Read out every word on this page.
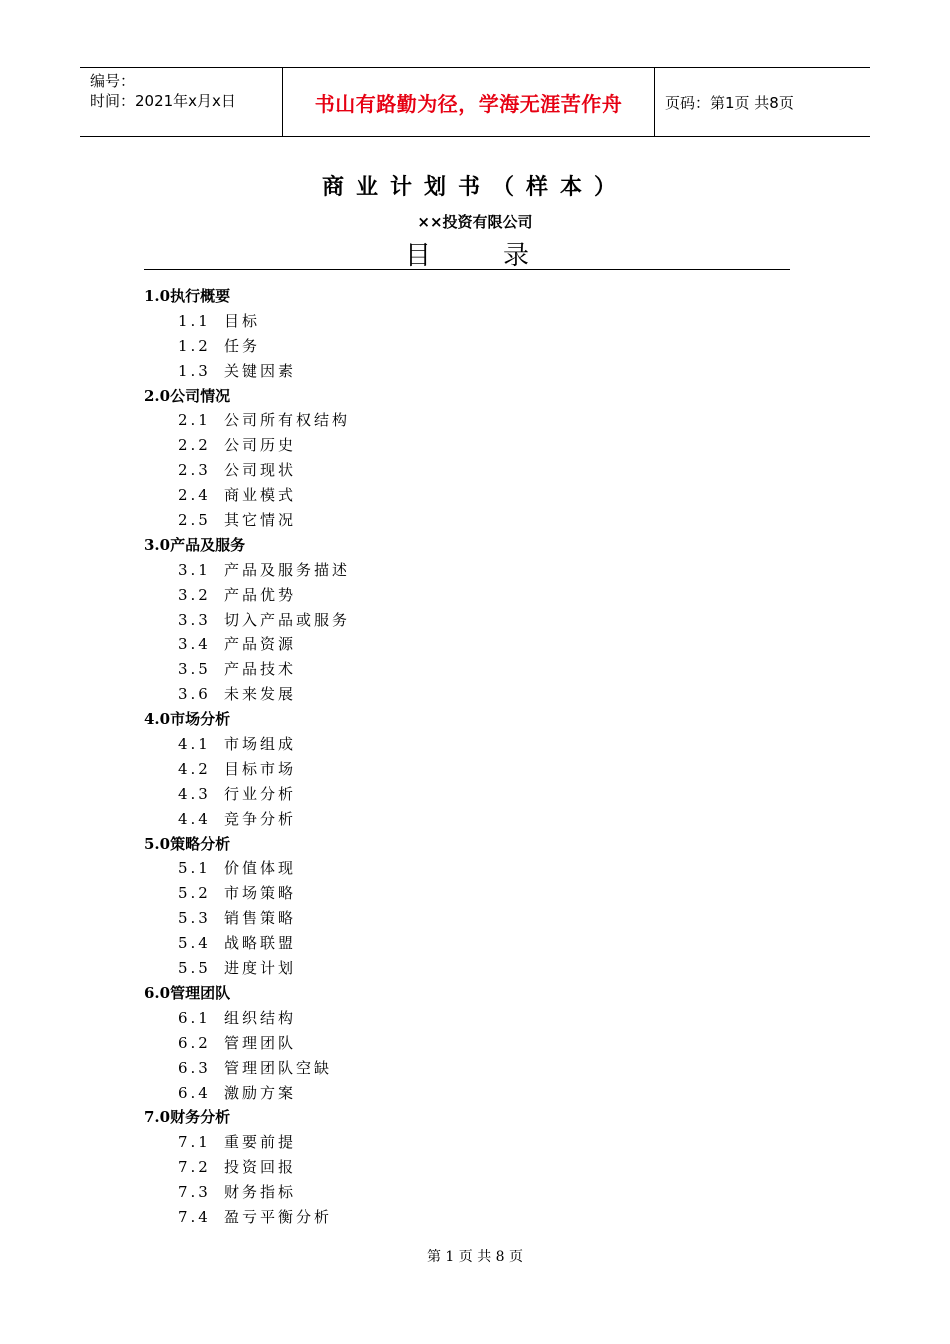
编号：
时间：2021年x月x日	书山有路勤为径，学海无涯苦作舟	页码：第1页 共8页
商业计划书（样本）
××投资有限公司
目录
1.0执行概要
1.1 目标
1.2 任务
1.3 关键因素
2.0公司情况
2.1 公司所有权结构
2.2 公司历史
2.3 公司现状
2.4 商业模式
2.5 其它情况
3.0产品及服务
3.1 产品及服务描述
3.2 产品优势
3.3 切入产品或服务
3.4 产品资源
3.5 产品技术
3.6 未来发展
4.0市场分析
4.1 市场组成
4.2 目标市场
4.3 行业分析
4.4 竞争分析
5.0策略分析
5.1 价值体现
5.2 市场策略
5.3 销售策略
5.4 战略联盟
5.5 进度计划
6.0管理团队
6.1 组织结构
6.2 管理团队
6.3 管理团队空缺
6.4 激励方案
7.0财务分析
7.1 重要前提
7.2 投资回报
7.3 财务指标
7.4 盈亏平衡分析
第 1 页 共 8 页
